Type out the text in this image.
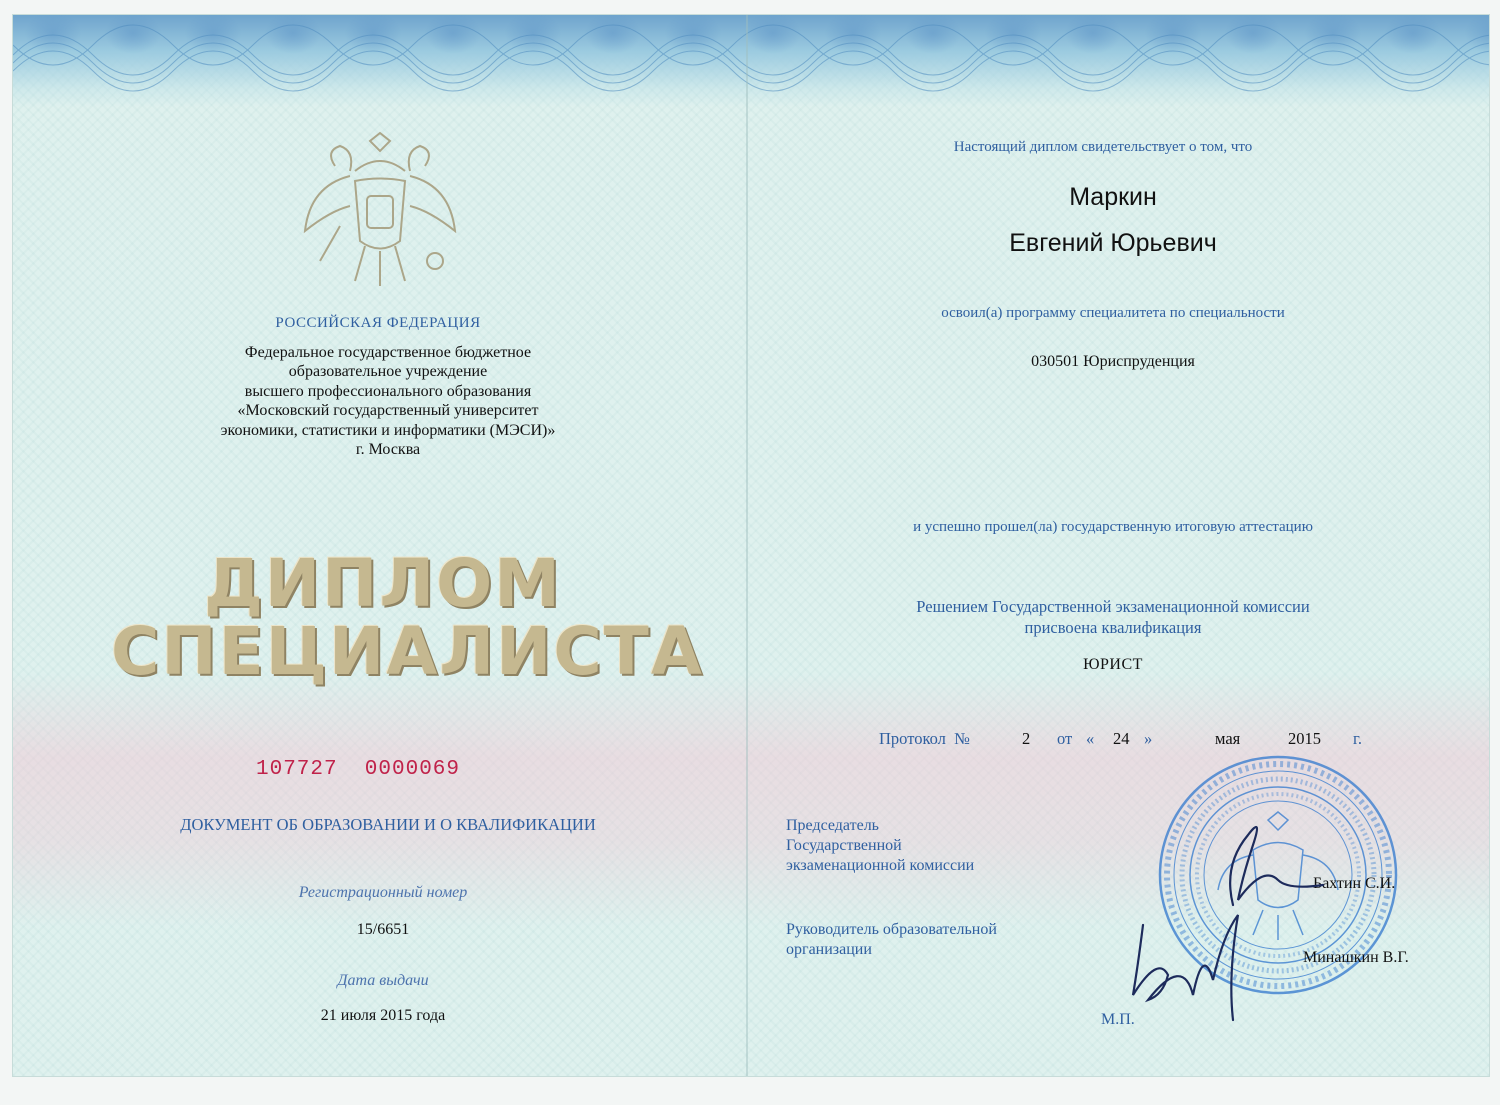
РОССИЙСКАЯ ФЕДЕРАЦИЯ
Федеральное государственное бюджетное
образовательное учреждение
высшего профессионального образования
«Московский государственный университет
экономики, статистики и информатики (МЭСИ)»
г. Москва
ДИПЛОМ
СПЕЦИАЛИСТА
107727  0000069
ДОКУМЕНТ ОБ ОБРАЗОВАНИИ И О КВАЛИФИКАЦИИ
Регистрационный номер
15/6651
Дата выдачи
21 июля 2015 года
Настоящий диплом свидетельствует о том, что
Маркин
Евгений Юрьевич
освоил(а) программу специалитета по специальности
030501 Юриспруденция
и успешно прошел(ла) государственную итоговую аттестацию
Решением Государственной экзаменационной комиссии
присвоена квалификация
ЮРИСТ
Протокол  №	2 от « 24 »	мая	2015 г.
Председатель
Государственной
экзаменационной комиссии
Бахтин С.И.
Руководитель образовательной
организации	Минашкин В.Г.
М.П.
